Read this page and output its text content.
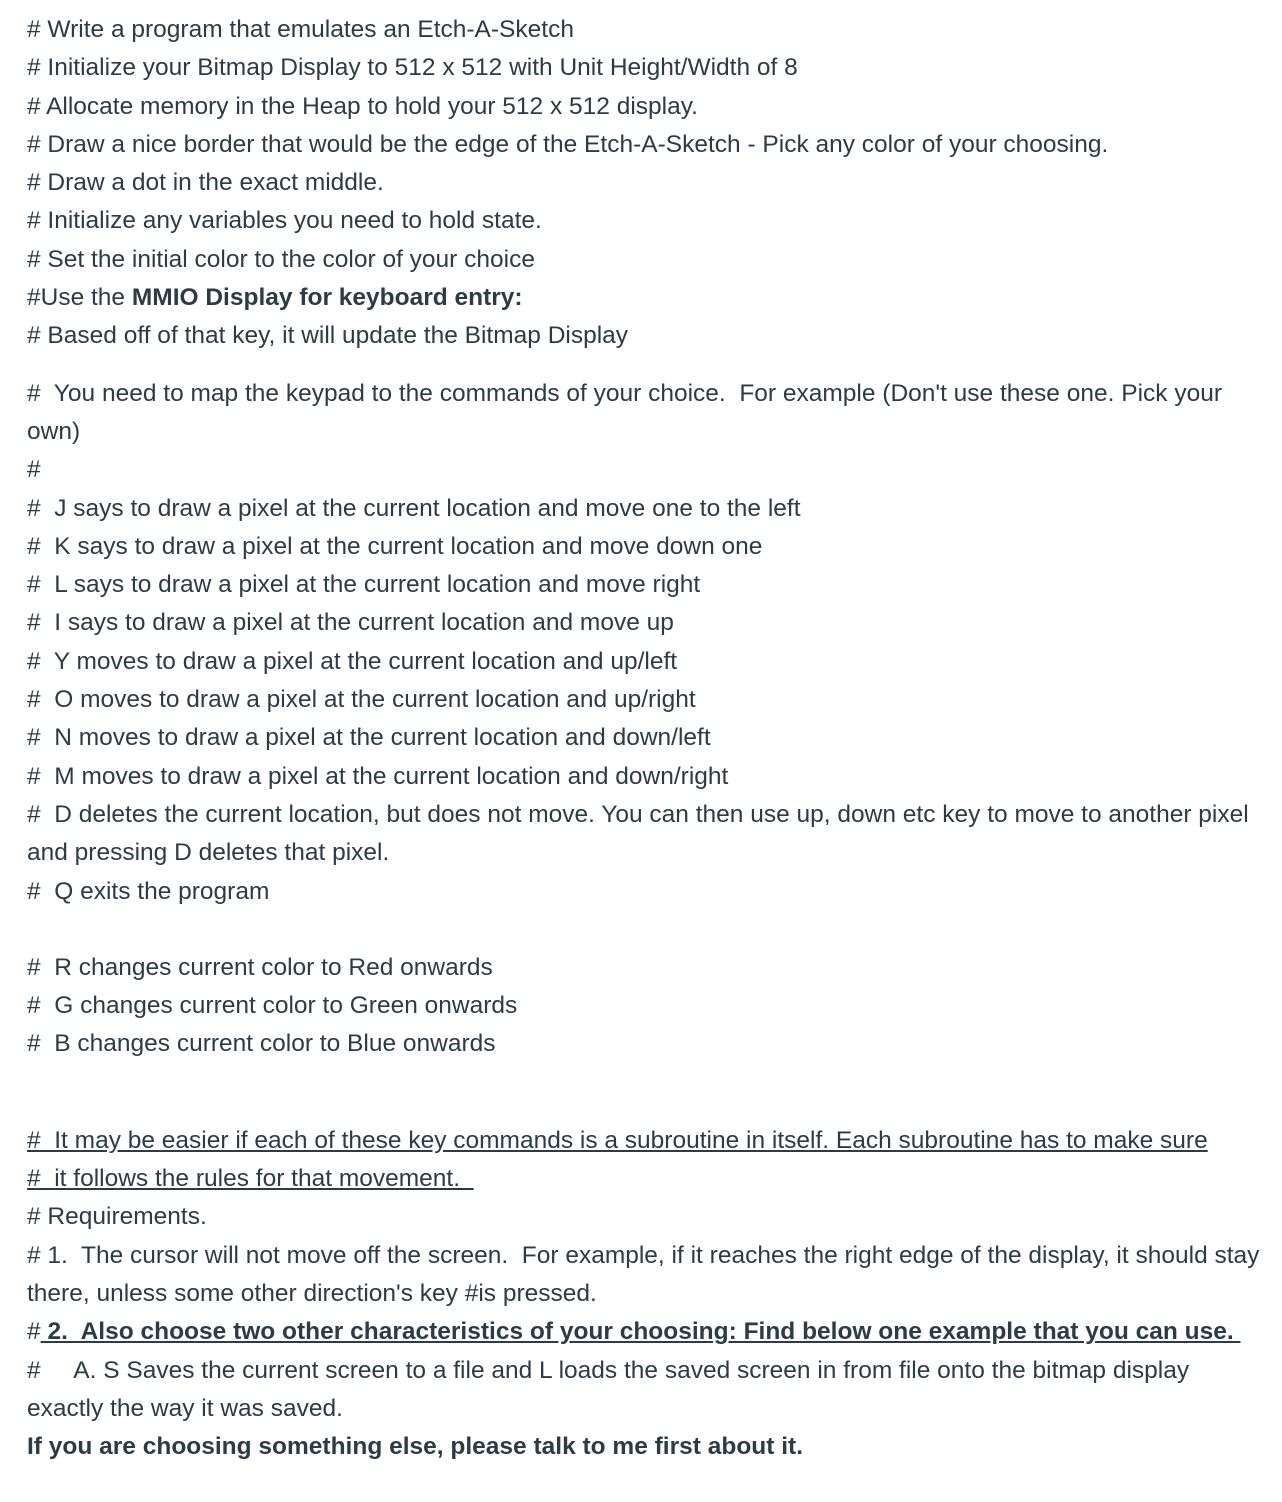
# Write a program that emulates an Etch-A-Sketch
# Initialize your Bitmap Display to 512 x 512 with Unit Height/Width of 8
# Allocate memory in the Heap to hold your 512 x 512 display.
# Draw a nice border that would be the edge of the Etch-A-Sketch - Pick any color of your choosing.
# Draw a dot in the exact middle.
# Initialize any variables you need to hold state.
# Set the initial color to the color of your choice
#Use the MMIO Display for keyboard entry:
# Based off of that key, it will update the Bitmap Display
#  You need to map the keypad to the commands of your choice.  For example (Don't use these one. Pick your own)
#
#  J says to draw a pixel at the current location and move one to the left
#  K says to draw a pixel at the current location and move down one
#  L says to draw a pixel at the current location and move right
#  I says to draw a pixel at the current location and move up
#  Y moves to draw a pixel at the current location and up/left
#  O moves to draw a pixel at the current location and up/right
#  N moves to draw a pixel at the current location and down/left
#  M moves to draw a pixel at the current location and down/right
#  D deletes the current location, but does not move. You can then use up, down etc key to move to another pixel and pressing D deletes that pixel.
#  Q exits the program
#  R changes current color to Red onwards
#  G changes current color to Green onwards
#  B changes current color to Blue onwards
#  It may be easier if each of these key commands is a subroutine in itself. Each subroutine has to make sure
#  it follows the rules for that movement.
# Requirements.
# 1.  The cursor will not move off the screen.  For example, if it reaches the right edge of the display, it should stay there, unless some other direction's key #is pressed.
# 2.  Also choose two other characteristics of your choosing: Find below one example that you can use.
#     A. S Saves the current screen to a file and L loads the saved screen in from file onto the bitmap display exactly the way it was saved.
If you are choosing something else, please talk to me first about it.
